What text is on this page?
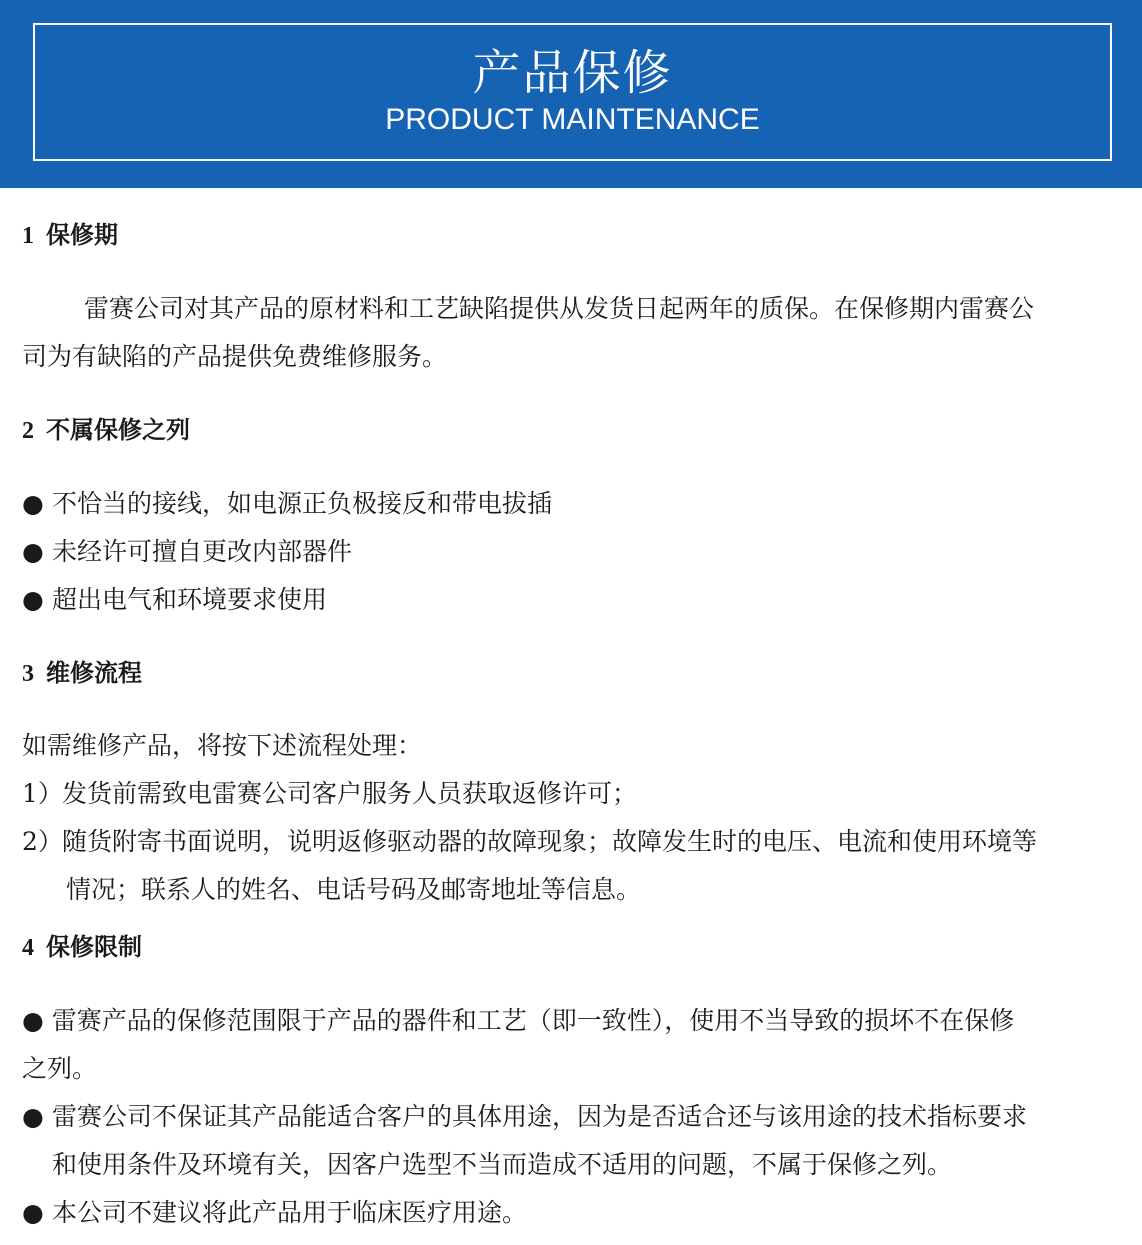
产品保修
PRODUCT MAINTENANCE
1 保修期
雷赛公司对其产品的原材料和工艺缺陷提供从发货日起两年的质保。在保修期内雷赛公
司为有缺陷的产品提供免费维修服务。
2 不属保修之列
● 不恰当的接线，如电源正负极接反和带电拔插
● 未经许可擅自更改内部器件
● 超出电气和环境要求使用
3 维修流程
如需维修产品，将按下述流程处理：
1） 发货前需致电雷赛公司客户服务人员获取返修许可；
2） 随货附寄书面说明，说明返修驱动器的故障现象；故障发生时的电压、电流和使用环境等
情况；联系人的姓名、电话号码及邮寄地址等信息。
4 保修限制
● 雷赛产品的保修范围限于产品的器件和工艺（即一致性），使用不当导致的损坏不在保修
之列。
● 雷赛公司不保证其产品能适合客户的具体用途，因为是否适合还与该用途的技术指标要求
和使用条件及环境有关，因客户选型不当而造成不适用的问题，不属于保修之列。
● 本公司不建议将此产品用于临床医疗用途。
